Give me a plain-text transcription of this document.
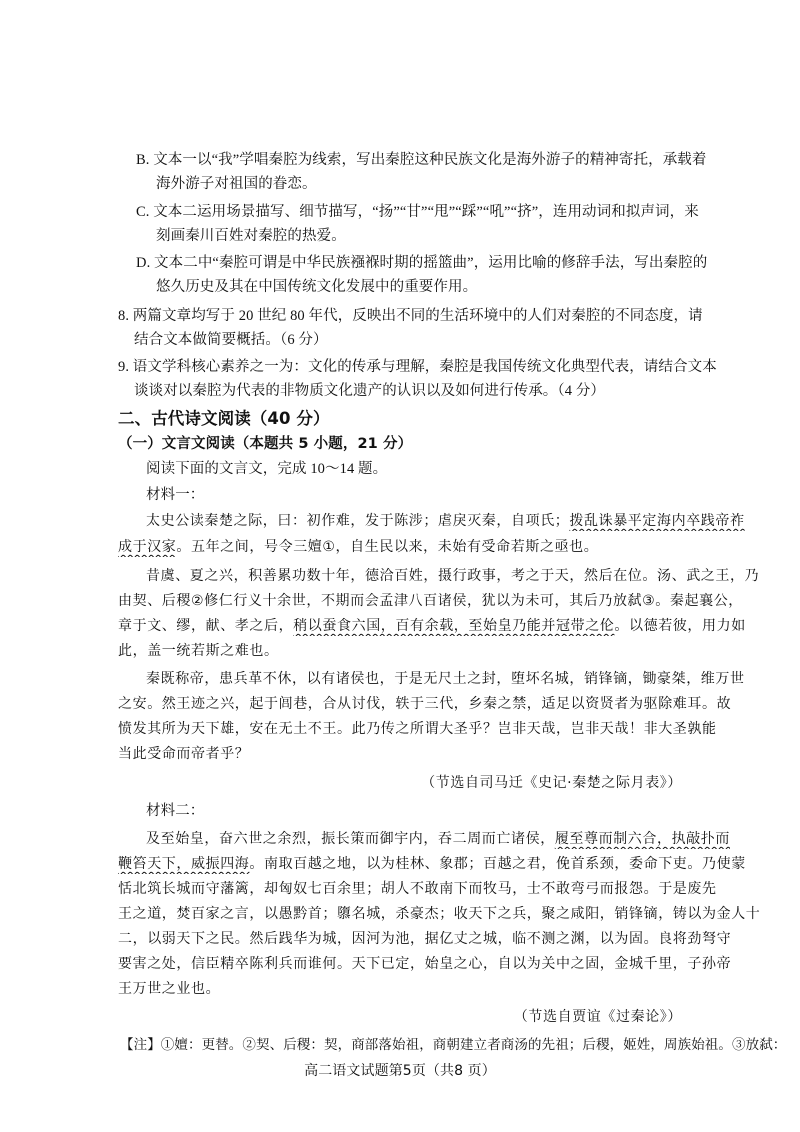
B. 文本一以“我”学唱秦腔为线索，写出秦腔这种民族文化是海外游子的精神寄托，承载着
海外游子对祖国的眷恋。
C. 文本二运用场景描写、细节描写，“扬”“甘”“甩”“踩”“吼”“挤”，连用动词和拟声词，来
刻画秦川百姓对秦腔的热爱。
D. 文本二中“秦腔可谓是中华民族襁褓时期的摇篮曲”，运用比喻的修辞手法，写出秦腔的
悠久历史及其在中国传统文化发展中的重要作用。
8. 两篇文章均写于 20 世纪 80 年代，反映出不同的生活环境中的人们对秦腔的不同态度，请
结合文本做简要概括。（6 分）
9. 语文学科核心素养之一为：文化的传承与理解，秦腔是我国传统文化典型代表，请结合文本
谈谈对以秦腔为代表的非物质文化遗产的认识以及如何进行传承。（4 分）
二、古代诗文阅读（40 分）
（一）文言文阅读（本题共 5 小题，21 分）
阅读下面的文言文，完成 10～14 题。
材料一：
太史公读秦楚之际，曰：初作难，发于陈涉；虐戾灭秦，自项氏；拨乱诛暴平定海内卒践帝祚
成于汉家。五年之间，号令三嬗①，自生民以来，未始有受命若斯之亟也。
昔虞、夏之兴，积善累功数十年，德洽百姓，摄行政事，考之于天，然后在位。汤、武之王，乃
由契、后稷②修仁行义十余世，不期而会孟津八百诸侯，犹以为未可，其后乃放弑③。秦起襄公，
章于文、缪，献、孝之后，稍以蚕食六国，百有余载，至始皇乃能并冠带之伦。以德若彼，用力如
此，盖一统若斯之难也。
秦既称帝，患兵革不休，以有诸侯也，于是无尺土之封，堕坏名城，销锋镝，锄豪桀，维万世
之安。然王迹之兴，起于闾巷，合从讨伐，轶于三代，乡秦之禁，适足以资贤者为驱除难耳。故
愤发其所为天下雄，安在无土不王。此乃传之所谓大圣乎？岂非天哉，岂非天哉！非大圣孰能
当此受命而帝者乎？
（节选自司马迁《史记·秦楚之际月表》）
材料二：
及至始皇，奋六世之余烈，振长策而御宇内，吞二周而亡诸侯，履至尊而制六合，执敲扑而
鞭笞天下，威振四海。南取百越之地，以为桂林、象郡；百越之君，俛首系颈，委命下吏。乃使蒙
恬北筑长城而守藩篱，却匈奴七百余里；胡人不敢南下而牧马，士不敢弯弓而报怨。于是废先
王之道，焚百家之言，以愚黔首；隳名城，杀豪杰；收天下之兵，聚之咸阳，销锋镝，铸以为金人十
二，以弱天下之民。然后践华为城，因河为池，据亿丈之城，临不测之渊，以为固。良将劲弩守
要害之处，信臣精卒陈利兵而谁何。天下已定，始皇之心，自以为关中之固，金城千里，子孙帝
王万世之业也。
（节选自贾谊《过秦论》）
【注】①嬗：更替。②契、后稷：契，商部落始祖，商朝建立者商汤的先祖；后稷，姬姓，周族始祖。③放弑：
高二语文试题第5页（共8 页）
